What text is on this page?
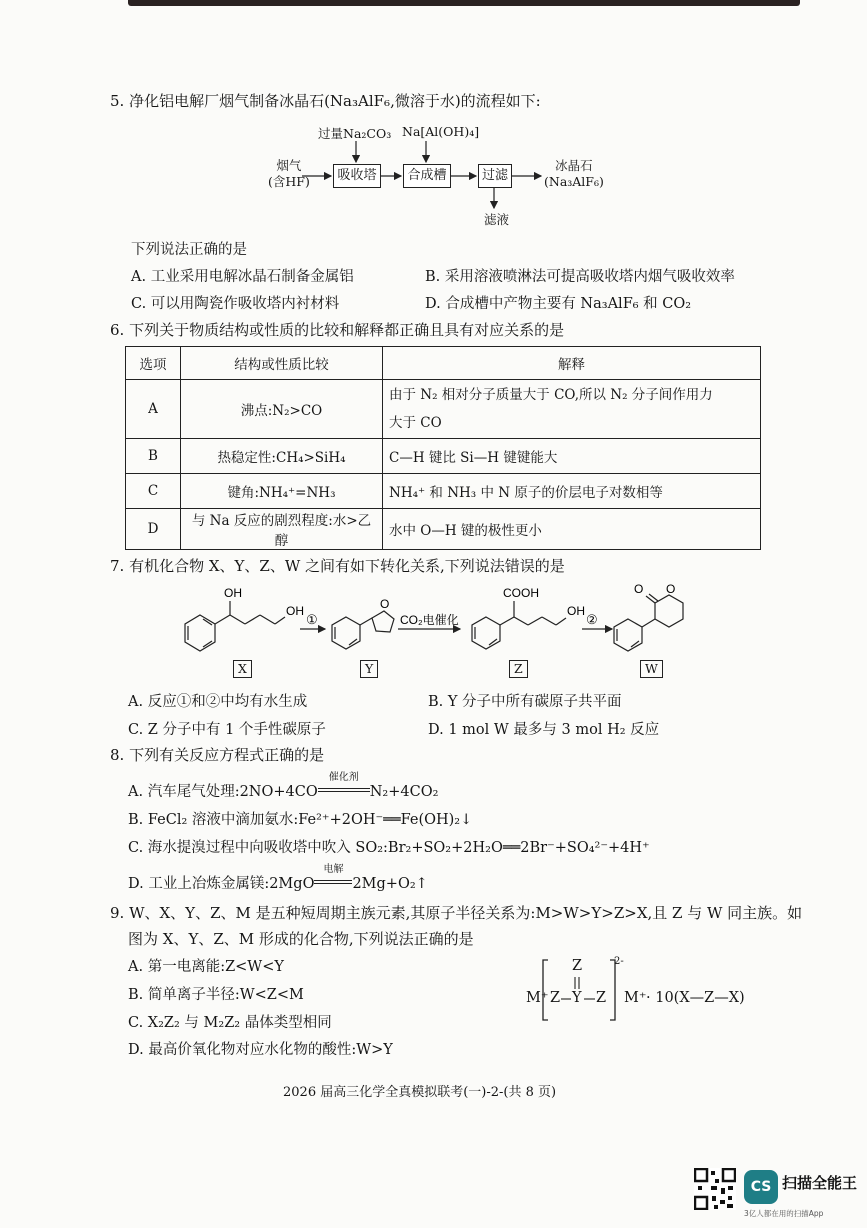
5. 净化铝电解厂烟气制备冰晶石(Na₃AlF₆,微溶于水)的流程如下:
烟气
(含HF)
过量Na₂CO₃ Na[Al(OH)₄]
吸收塔	合成槽	过滤
冰晶石
(Na₃AlF₆)
滤液
下列说法正确的是
A. 工业采用电解冰晶石制备金属铝	B. 采用溶液喷淋法可提高吸收塔内烟气吸收效率
C. 可以用陶瓷作吸收塔内衬材料	D. 合成槽中产物主要有 Na₃AlF₆ 和 CO₂
6. 下列关于物质结构或性质的比较和解释都正确且具有对应关系的是
选项	结构或性质比较	解释
A	沸点:N₂>CO	由于 N₂ 相对分子质量大于 CO,所以 N₂ 分子间作用力
大于 CO

B	热稳定性:CH₄>SiH₄	C—H 键比 Si—H 键键能大
C	键角:NH₄⁺=NH₃	NH₄⁺ 和 NH₃ 中 N 原子的价层电子对数相等
D	与 Na 反应的剧烈程度:水>乙醇	水中 O—H 键的极性更小
7. 有机化合物 X、Y、Z、W 之间有如下转化关系,下列说法错误的是
OH
OH
①
O
CO₂电催化
COOH
OH
②
O O
X	Y	Z	W
A. 反应①和②中均有水生成	B. Y 分子中所有碳原子共平面
C. Z 分子中有 1 个手性碳原子	D. 1 mol W 最多与 3 mol H₂ 反应
8. 下列有关反应方程式正确的是
A. 汽车尾气处理:2NO+4CO
催化剂
N₂+4CO₂
B. FeCl₂ 溶液中滴加氨水:Fe²⁺+2OH⁻══Fe(OH)₂↓
C. 海水提溴过程中向吸收塔中吹入 SO₂:Br₂+SO₂+2H₂O══2Br⁻+SO₄²⁻+4H⁺
D. 工业上冶炼金属镁:2MgO
电解
2Mg+O₂↑
9. W、X、Y、Z、M 是五种短周期主族元素,其原子半径关系为:M>W>Y>Z>X,且 Z 与 W 同主族。如
图为 X、Y、Z、M 形成的化合物,下列说法正确的是
A. 第一电离能:Z<W<Y
B. 简单离子半径:W<Z<M
C. X₂Z₂ 与 M₂Z₂ 晶体类型相同
D. 最高价氧化物对应水化物的酸性:W>Y
M⁺
Z
Z Y Z
2-
M⁺ · 10(X—Z—X)
2026 届高三化学全真模拟联考(一)-2-(共 8 页)
CS 扫描全能王
3亿人都在用的扫描App
